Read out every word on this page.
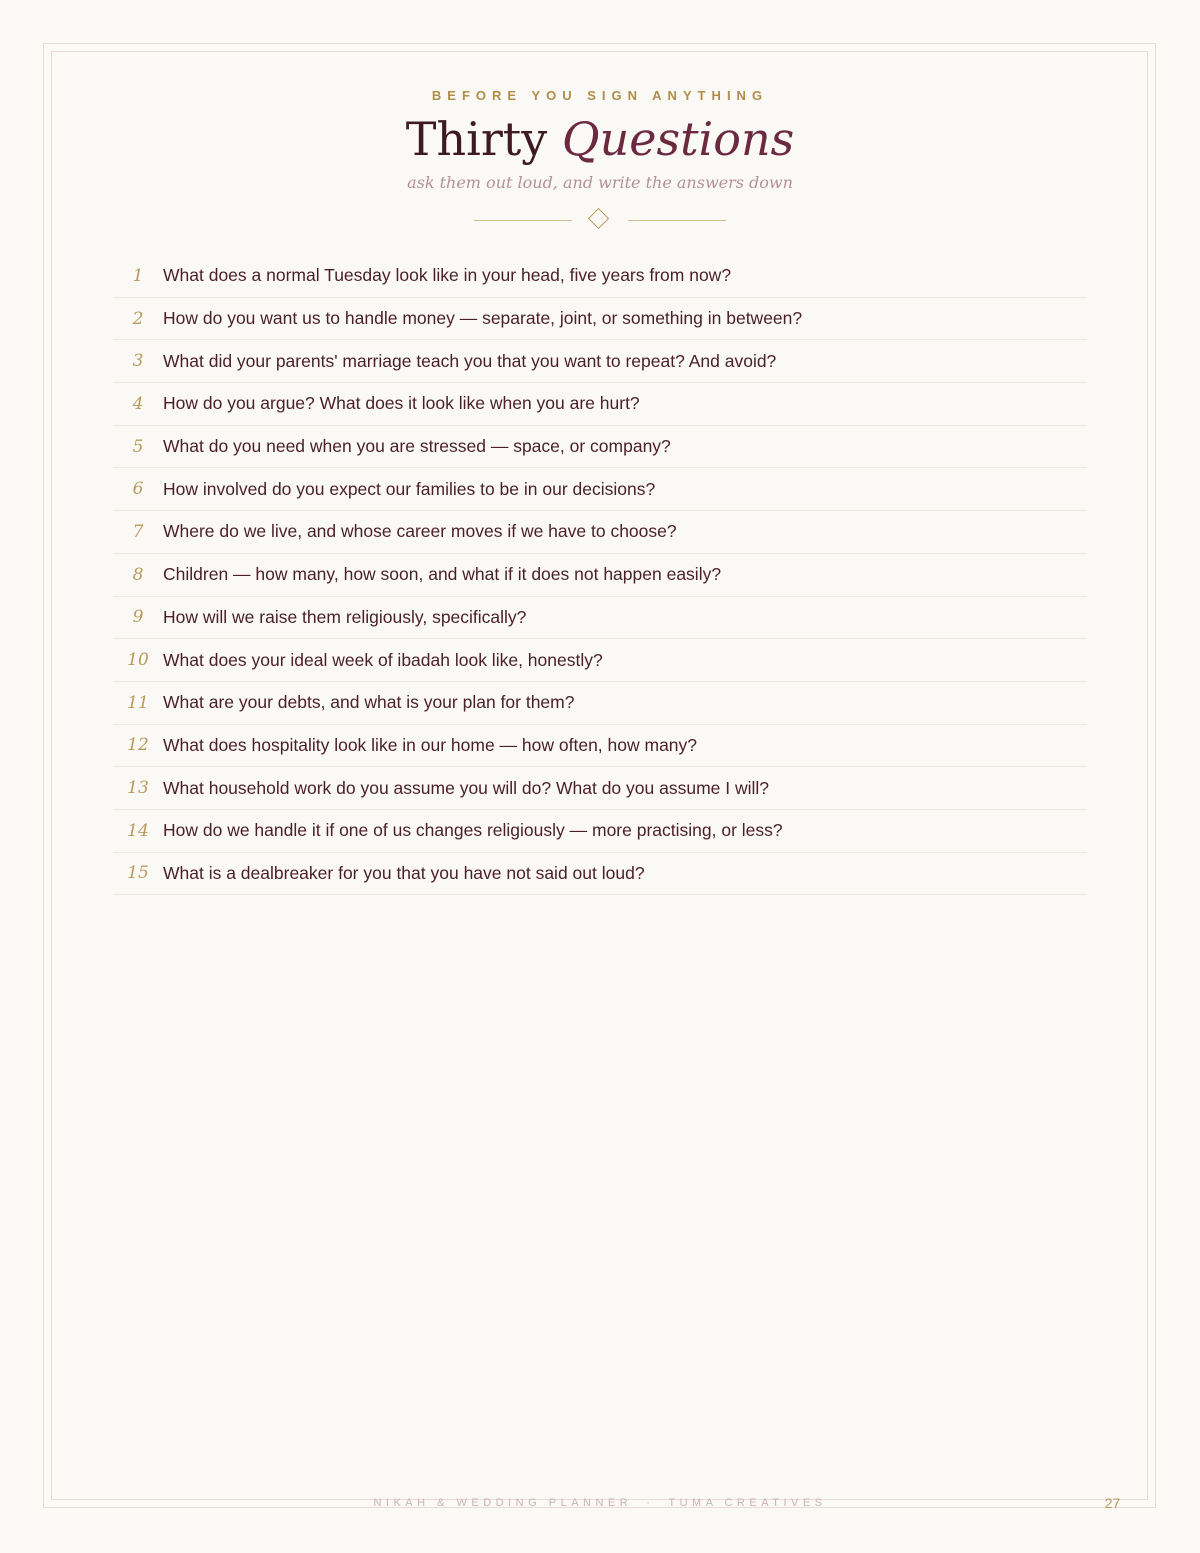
BEFORE YOU SIGN ANYTHING
Thirty Questions
ask them out loud, and write the answers down
1	What does a normal Tuesday look like in your head, five years from now?
2	How do you want us to handle money — separate, joint, or something in between?
3	What did your parents' marriage teach you that you want to repeat? And avoid?
4	How do you argue? What does it look like when you are hurt?
5	What do you need when you are stressed — space, or company?
6	How involved do you expect our families to be in our decisions?
7	Where do we live, and whose career moves if we have to choose?
8	Children — how many, how soon, and what if it does not happen easily?
9	How will we raise them religiously, specifically?
10 What does your ideal week of ibadah look like, honestly?
11 What are your debts, and what is your plan for them?
12 What does hospitality look like in our home — how often, how many?
13 What household work do you assume you will do? What do you assume I will?
14 How do we handle it if one of us changes religiously — more practising, or less?
15 What is a dealbreaker for you that you have not said out loud?
NIKAH & WEDDING PLANNER · TUMA CREATIVES	27
